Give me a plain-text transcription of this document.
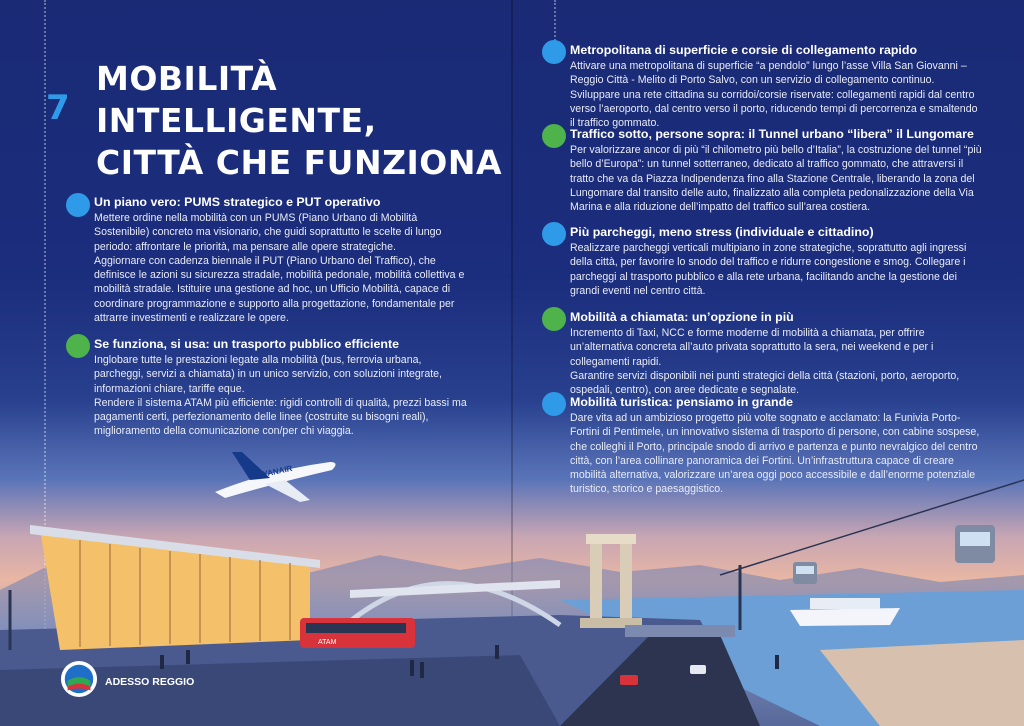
7
MOBILITÀ
INTELLIGENTE,
CITTÀ CHE FUNZIONA
Un piano vero: PUMS strategico e PUT operativo

Mettere ordine nella mobilità con un PUMS (Piano Urbano di Mobilità Sostenibile) concreto ma visionario, che guidi soprattutto le scelte di lungo periodo: affrontare le priorità, ma pensare alle opere strategiche.

Aggiornare con cadenza biennale il PUT (Piano Urbano del Traffico), che definisce le azioni su sicurezza stradale, mobilità pedonale, mobilità collettiva e mobilità stradale. Istituire una gestione ad hoc, un Ufficio Mobilità, capace di coordinare programmazione e supporto alla progettazione, fondamentale per attrarre investimenti e realizzare le opere.

Se funziona, si usa: un trasporto pubblico efficiente

Inglobare tutte le prestazioni legate alla mobilità (bus, ferrovia urbana, parcheggi, servizi a chiamata) in un unico servizio, con soluzioni integrate, informazioni chiare, tariffe eque.

Rendere il sistema ATAM più efficiente: rigidi controlli di qualità, prezzi bassi ma pagamenti certi, perfezionamento delle linee (costruite su bisogni reali), miglioramento della comunicazione con/per chi viaggia.

Metropolitana di superficie e corsie di collegamento rapido

Attivare una metropolitana di superficie “a pendolo” lungo l’asse Villa San Giovanni – Reggio Città - Melito di Porto Salvo, con un servizio di collegamento continuo. Sviluppare una rete cittadina su corridoi/corsie riservate: collegamenti rapidi dal centro verso l’aeroporto, dal centro verso il porto, riducendo tempi di percorrenza e smaltendo il traffico gommato.

Traffico sotto, persone sopra: il Tunnel urbano “libera” il Lungomare

Per valorizzare ancor di più “il chilometro più bello d’Italia”, la costruzione del tunnel “più bello d’Europa”: un tunnel sotterraneo, dedicato al traffico gommato, che attraversi il tratto che va da Piazza Indipendenza fino alla Stazione Centrale, liberando la zona del Lungomare dal transito delle auto, finalizzato alla completa pedonalizzazione della Via Marina e alla riduzione dell’impatto del traffico sull’area costiera.

Più parcheggi, meno stress (individuale e cittadino)

Realizzare parcheggi verticali multipiano in zone strategiche, soprattutto agli ingressi della città, per favorire lo snodo del traffico e ridurre congestione e smog. Collegare i parcheggi al trasporto pubblico e alla rete urbana, facilitando anche la gestione dei grandi eventi nel centro città.

Mobilità a chiamata: un’opzione in più

Incremento di Taxi, NCC e forme moderne di mobilità a chiamata, per offrire un’alternativa concreta all’auto privata soprattutto la sera, nei weekend e per i collegamenti rapidi.

Garantire servizi disponibili nei punti strategici della città (stazioni, porto, aeroporto, ospedali, centro), con aree dedicate e segnalate.

Mobilità turistica: pensiamo in grande

Dare vita ad un ambizioso progetto più volte sognato e acclamato: la Funivia Porto-Fortini di Pentimele, un innovativo sistema di trasporto di persone, con cabine sospese, che colleghi il Porto, principale snodo di arrivo e partenza e punto nevralgico del centro città, con l’area collinare panoramica dei Fortini. Un’infrastruttura capace di creare mobilità alternativa, valorizzare un’area oggi poco accessibile e dall’enorme potenziale turistico, storico e paesaggistico.

ATAM
RYANAIR
ADESSO REGGIO
